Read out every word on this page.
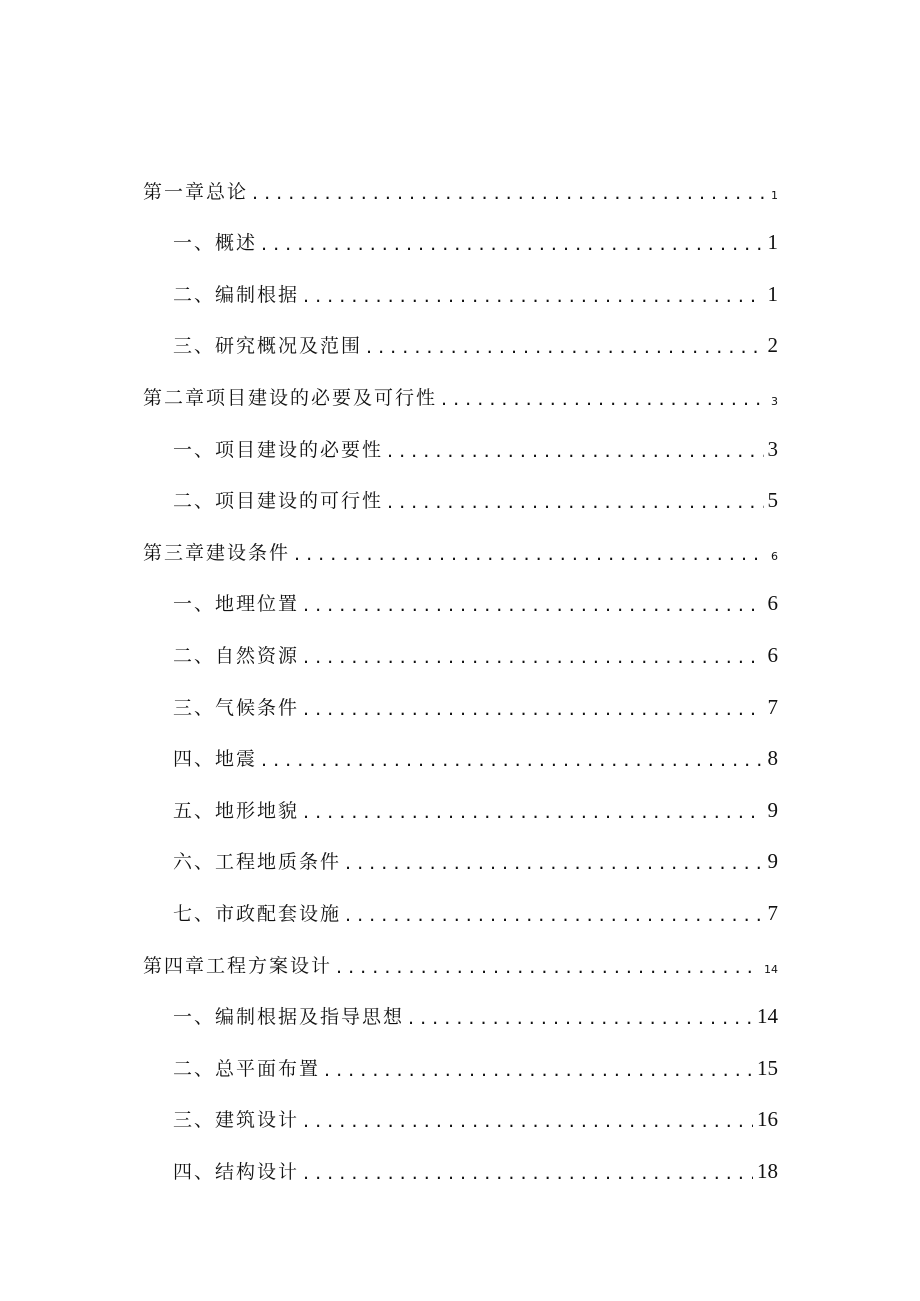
第一章总论 . . .	1
一、概述 . . .	1
二、编制根据 . . .	1
三、研究概况及范围 . . .	2
第二章项目建设的必要及可行性 . . .	3
一、项目建设的必要性 . . .	3
二、项目建设的可行性 . . .	5
第三章建设条件 . . .	6
一、地理位置 . . .	6
二、自然资源 . . .	6
三、气候条件 . . .	7
四、地震 . . .	8
五、地形地貌 . . .	9
六、工程地质条件 . . .	9
七、市政配套设施 . . .	7
第四章工程方案设计 . . .	14
一、编制根据及指导思想 . . .	14
二、总平面布置 . . .	15
三、建筑设计 . . .	16
四、结构设计 . . .	18
